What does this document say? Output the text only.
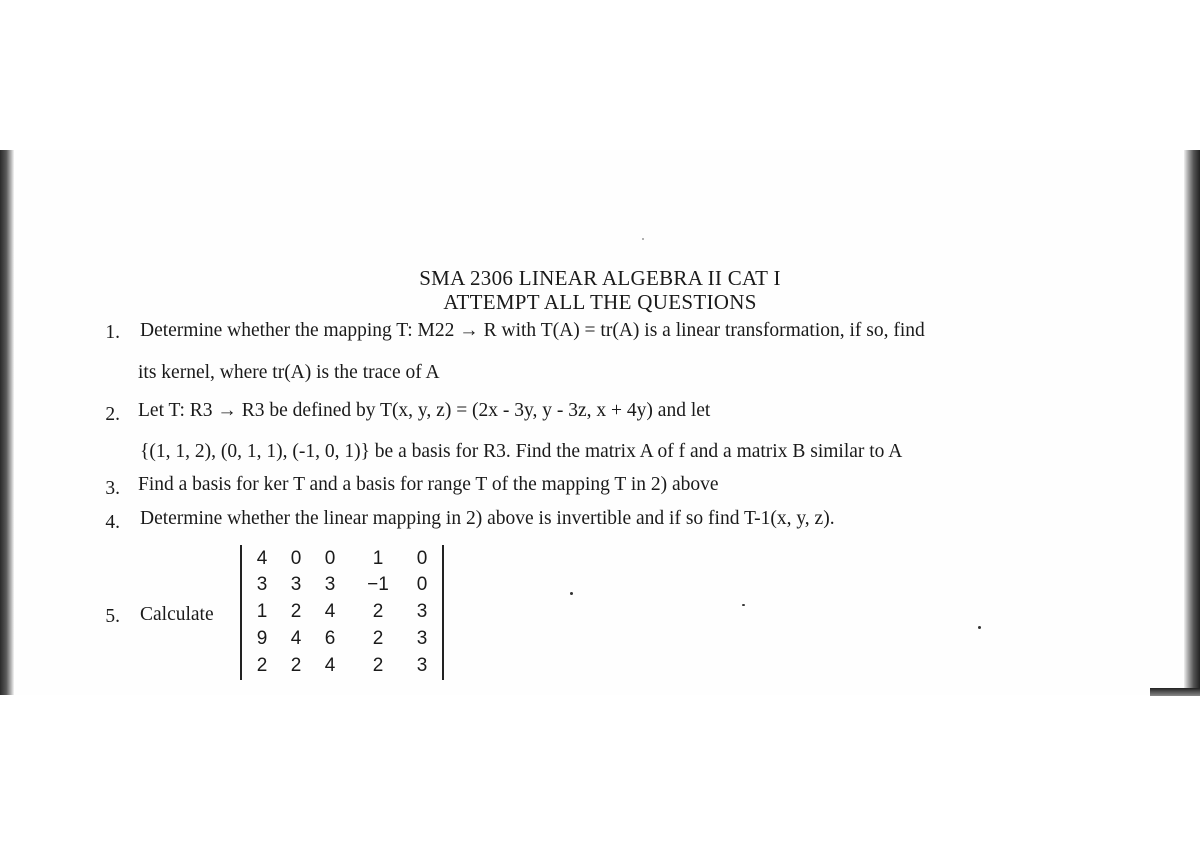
SMA 2306 LINEAR ALGEBRA II CAT I
ATTEMPT ALL THE QUESTIONS
1. Determine whether the mapping T: M22 → R with T(A) = tr(A) is a linear transformation, if so, find
its kernel, where tr(A) is the trace of A
2. Let T: R3 → R3 be defined by T(x, y, z) = (2x - 3y, y - 3z, x + 4y) and let
{(1, 1, 2), (0, 1, 1), (-1, 0, 1)} be a basis for R3. Find the matrix A of f and a matrix B similar to A
3. Find a basis for ker T and a basis for range T of the mapping T in 2) above
4. Determine whether the linear mapping in 2) above is invertible and if so find T-1(x, y, z).
5. Calculate
4	0	0	1	0
3	3	3	−1	0
1	2	4	2	3
9	4	6	2	3
2	2	4	2	3
